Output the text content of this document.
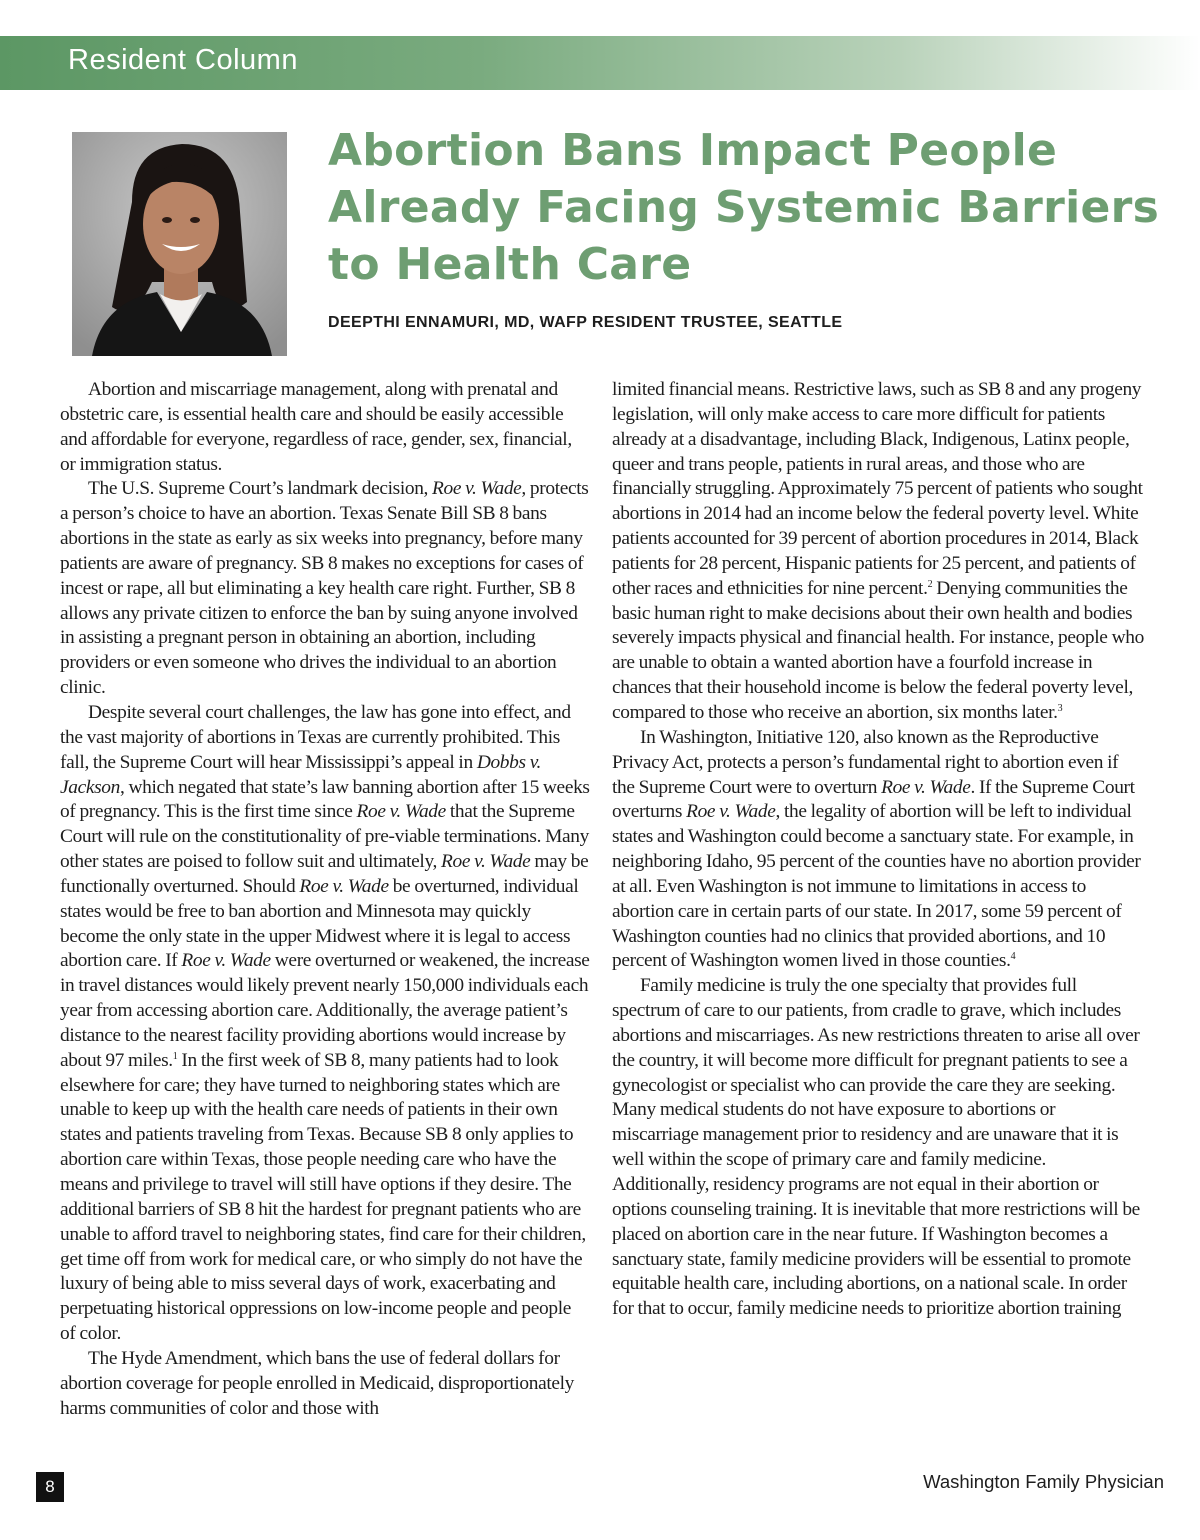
Resident Column
Abortion Bans Impact People
Already Facing Systemic Barriers
to Health Care
DEEPTHI ENNAMURI, MD, WAFP RESIDENT TRUSTEE, SEATTLE

Abortion and miscarriage management, along with prenatal and obstetric care, is essential health care and should be easily accessible and affordable for everyone, regardless of race, gender, sex, financial, or immigration status.

The U.S. Supreme Court’s landmark decision, Roe v. Wade, protects a person’s choice to have an abortion. Texas Senate Bill SB 8 bans abortions in the state as early as six weeks into pregnancy, before many patients are aware of pregnancy. SB 8 makes no exceptions for cases of incest or rape, all but eliminating a key health care right. Further, SB 8 allows any private citizen to enforce the ban by suing anyone involved in assisting a pregnant person in obtaining an abortion, including providers or even someone who drives the individual to an abortion clinic.

Despite several court challenges, the law has gone into effect, and the vast majority of abortions in Texas are currently prohibited. This fall, the Supreme Court will hear Mississippi’s appeal in Dobbs v. Jackson, which negated that state’s law banning abortion after 15 weeks of pregnancy. This is the first time since Roe v. Wade that the Supreme Court will rule on the constitutionality of pre-viable terminations. Many other states are poised to follow suit and ultimately, Roe v. Wade may be functionally overturned. Should Roe v. Wade be overturned, individual states would be free to ban abortion and Minnesota may quickly become the only state in the upper Midwest where it is legal to access abortion care. If Roe v. Wade were overturned or weakened, the increase in travel distances would likely prevent nearly 150,000 individuals each year from accessing abortion care. Additionally, the average patient’s distance to the nearest facility providing abortions would increase by about 97 miles.$^1$ In the first week of SB 8, many patients had to look elsewhere for care; they have turned to neighboring states which are unable to keep up with the health care needs of patients in their own states and patients traveling from Texas. Because SB 8 only applies to abortion care within Texas, those people needing care who have the means and privilege to travel will still have options if they desire. The additional barriers of SB 8 hit the hardest for pregnant patients who are unable to afford travel to neighboring states, find care for their children, get time off from work for medical care, or who simply do not have the luxury of being able to miss several days of work, exacerbating and perpetuating historical oppressions on low-income people and people of color.

The Hyde Amendment, which bans the use of federal dollars for abortion coverage for people enrolled in Medicaid, disproportionately harms communities of color and those with

limited financial means. Restrictive laws, such as SB 8 and any progeny legislation, will only make access to care more difficult for patients already at a disadvantage, including Black, Indigenous, Latinx people, queer and trans people, patients in rural areas, and those who are financially struggling. Approximately 75 percent of patients who sought abortions in 2014 had an income below the federal poverty level. White patients accounted for 39 percent of abortion procedures in 2014, Black patients for 28 percent, Hispanic patients for 25 percent, and patients of other races and ethnicities for nine percent.$^2$ Denying communities the basic human right to make decisions about their own health and bodies severely impacts physical and financial health. For instance, people who are unable to obtain a wanted abortion have a fourfold increase in chances that their household income is below the federal poverty level, compared to those who receive an abortion, six months later.$^3$

In Washington, Initiative 120, also known as the Reproductive Privacy Act, protects a person’s fundamental right to abortion even if the Supreme Court were to overturn Roe v. Wade. If the Supreme Court overturns Roe v. Wade, the legality of abortion will be left to individual states and Washington could become a sanctuary state. For example, in neighboring Idaho, 95 percent of the counties have no abortion provider at all. Even Washington is not immune to limitations in access to abortion care in certain parts of our state. In 2017, some 59 percent of Washington counties had no clinics that provided abortions, and 10 percent of Washington women lived in those counties.$^4$

Family medicine is truly the one specialty that provides full spectrum of care to our patients, from cradle to grave, which includes abortions and miscarriages. As new restrictions threaten to arise all over the country, it will become more difficult for pregnant patients to see a gynecologist or specialist who can provide the care they are seeking. Many medical students do not have exposure to abortions or miscarriage management prior to residency and are unaware that it is well within the scope of primary care and family medicine. Additionally, residency programs are not equal in their abortion or options counseling training. It is inevitable that more restrictions will be placed on abortion care in the near future. If Washington becomes a sanctuary state, family medicine providers will be essential to promote equitable health care, including abortions, on a national scale. In order for that to occur, family medicine needs to prioritize abortion training

8	Washington Family Physician
